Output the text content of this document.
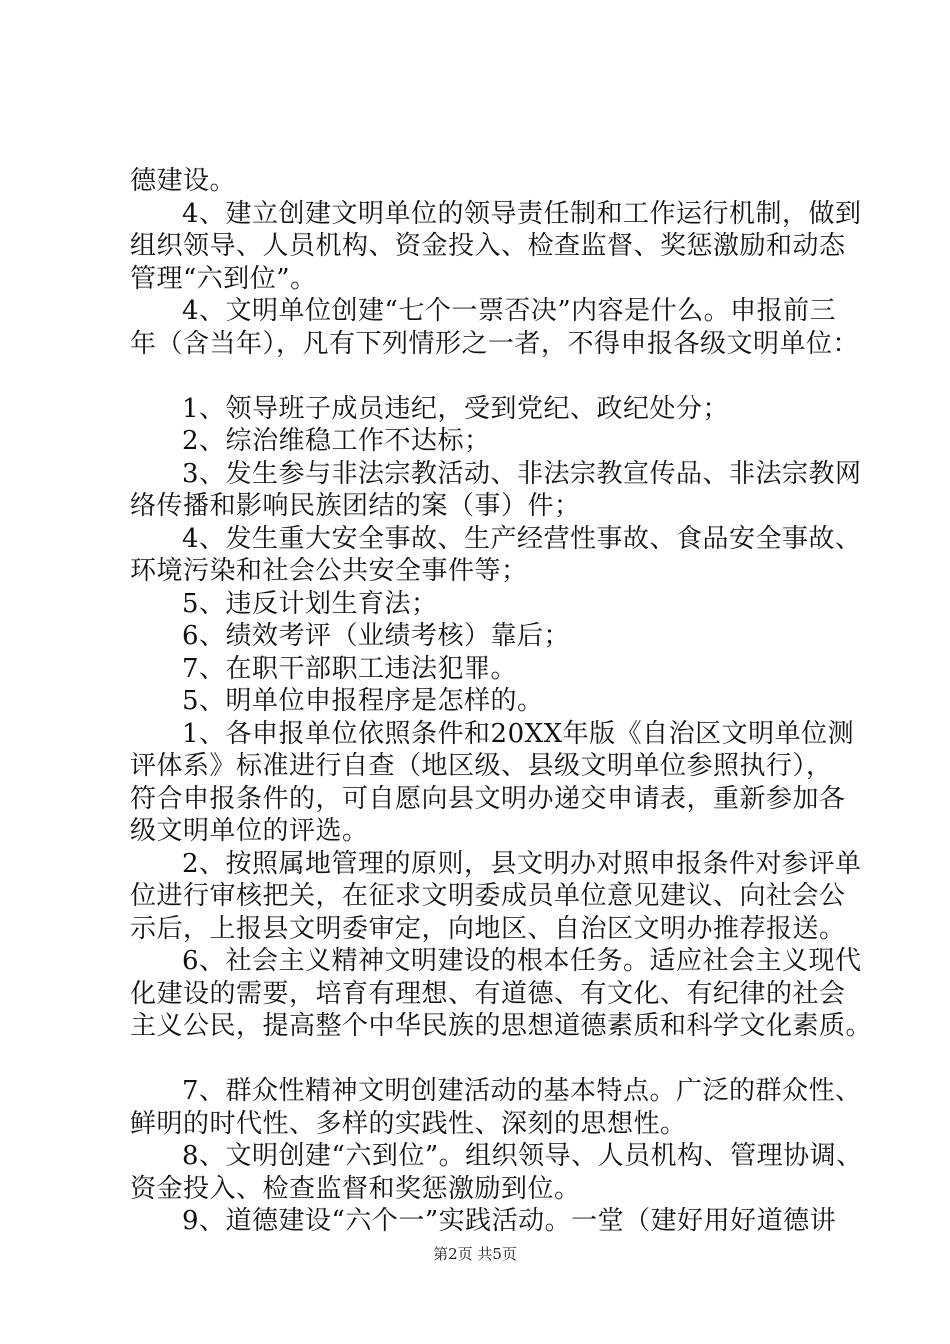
德建设。
4、建立创建文明单位的领导责任制和工作运行机制，做到
组织领导、人员机构、资金投入、检查监督、奖惩激励和动态
管理“六到位”。
4、文明单位创建“七个一票否决”内容是什么。申报前三
年（含当年），凡有下列情形之一者，不得申报各级文明单位：
1、领导班子成员违纪，受到党纪、政纪处分；
2、综治维稳工作不达标；
3、发生参与非法宗教活动、非法宗教宣传品、非法宗教网
络传播和影响民族团结的案（事）件；
4、发生重大安全事故、生产经营性事故、食品安全事故、
环境污染和社会公共安全事件等；
5、违反计划生育法；
6、绩效考评（业绩考核）靠后；
7、在职干部职工违法犯罪。
5、明单位申报程序是怎样的。
1、各申报单位依照条件和20XX年版《自治区文明单位测
评体系》标准进行自查（地区级、县级文明单位参照执行），
符合申报条件的，可自愿向县文明办递交申请表，重新参加各
级文明单位的评选。
2、按照属地管理的原则，县文明办对照申报条件对参评单
位进行审核把关，在征求文明委成员单位意见建议、向社会公
示后，上报县文明委审定，向地区、自治区文明办推荐报送。
6、社会主义精神文明建设的根本任务。适应社会主义现代
化建设的需要，培育有理想、有道德、有文化、有纪律的社会
主义公民，提高整个中华民族的思想道德素质和科学文化素质。
7、群众性精神文明创建活动的基本特点。广泛的群众性、
鲜明的时代性、多样的实践性、深刻的思想性。
8、文明创建“六到位”。组织领导、人员机构、管理协调、
资金投入、检查监督和奖惩激励到位。
9、道德建设“六个一”实践活动。一堂（建好用好道德讲
第2页 共5页
